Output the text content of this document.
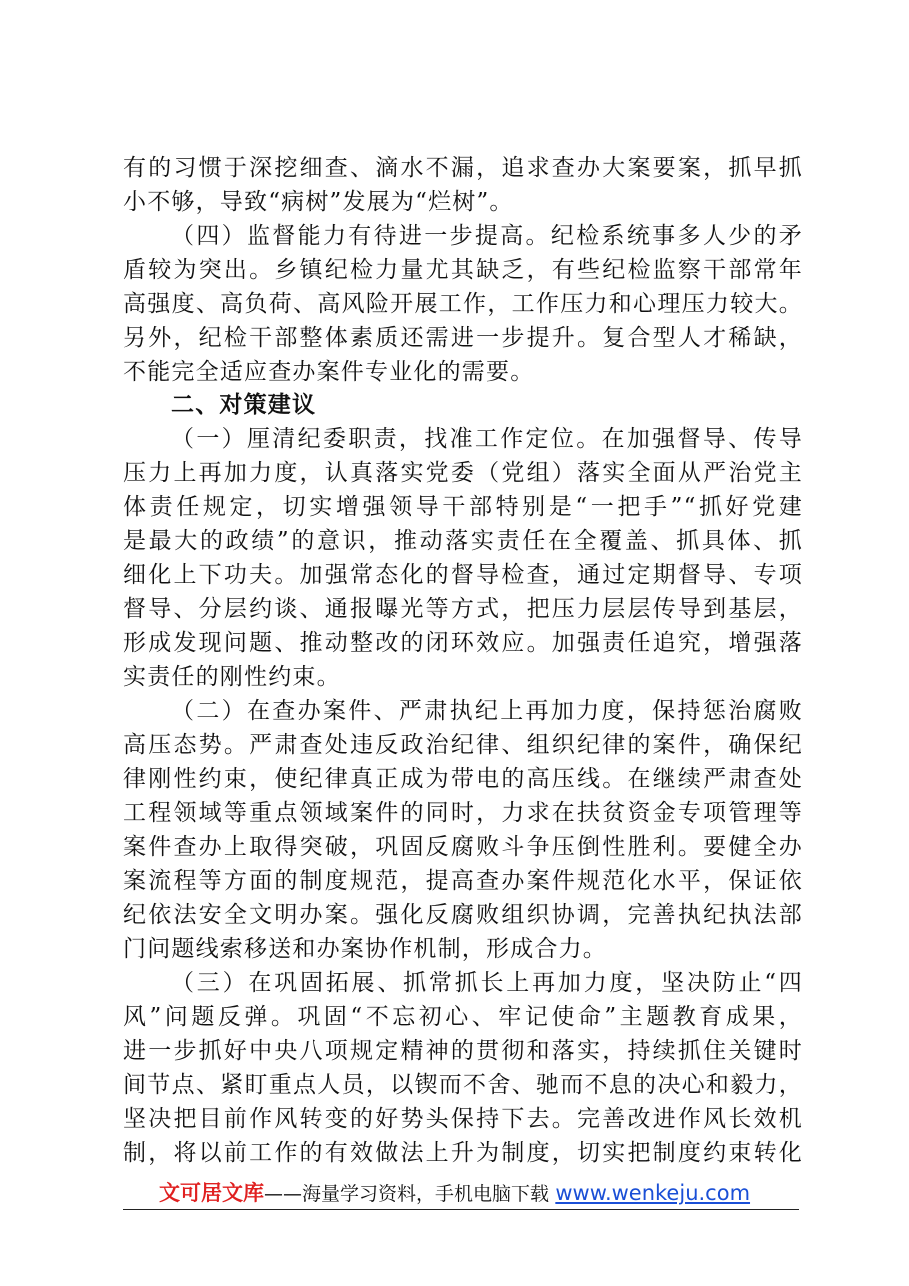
有的习惯于深挖细查、滴水不漏，追求查办大案要案，抓早抓
小不够，导致“病树”发展为“烂树”。
（四）监督能力有待进一步提高。纪检系统事多人少的矛
盾较为突出。乡镇纪检力量尤其缺乏，有些纪检监察干部常年
高强度、高负荷、高风险开展工作，工作压力和心理压力较大。
另外，纪检干部整体素质还需进一步提升。复合型人才稀缺，
不能完全适应查办案件专业化的需要。
二、对策建议
（一）厘清纪委职责，找准工作定位。在加强督导、传导
压力上再加力度，认真落实党委（党组）落实全面从严治党主
体责任规定，切实增强领导干部特别是“一把手”“抓好党建
是最大的政绩”的意识，推动落实责任在全覆盖、抓具体、抓
细化上下功夫。加强常态化的督导检查，通过定期督导、专项
督导、分层约谈、通报曝光等方式，把压力层层传导到基层，
形成发现问题、推动整改的闭环效应。加强责任追究，增强落
实责任的刚性约束。
（二）在查办案件、严肃执纪上再加力度，保持惩治腐败
高压态势。严肃查处违反政治纪律、组织纪律的案件，确保纪
律刚性约束，使纪律真正成为带电的高压线。在继续严肃查处
工程领域等重点领域案件的同时，力求在扶贫资金专项管理等
案件查办上取得突破，巩固反腐败斗争压倒性胜利。要健全办
案流程等方面的制度规范，提高查办案件规范化水平，保证依
纪依法安全文明办案。强化反腐败组织协调，完善执纪执法部
门问题线索移送和办案协作机制，形成合力。
（三）在巩固拓展、抓常抓长上再加力度，坚决防止“四
风”问题反弹。巩固“不忘初心、牢记使命”主题教育成果，
进一步抓好中央八项规定精神的贯彻和落实，持续抓住关键时
间节点、紧盯重点人员，以锲而不舍、驰而不息的决心和毅力，
坚决把目前作风转变的好势头保持下去。完善改进作风长效机
制，将以前工作的有效做法上升为制度，切实把制度约束转化
文可居文库——海量学习资料，手机电脑下载 www.wenkeju.com
